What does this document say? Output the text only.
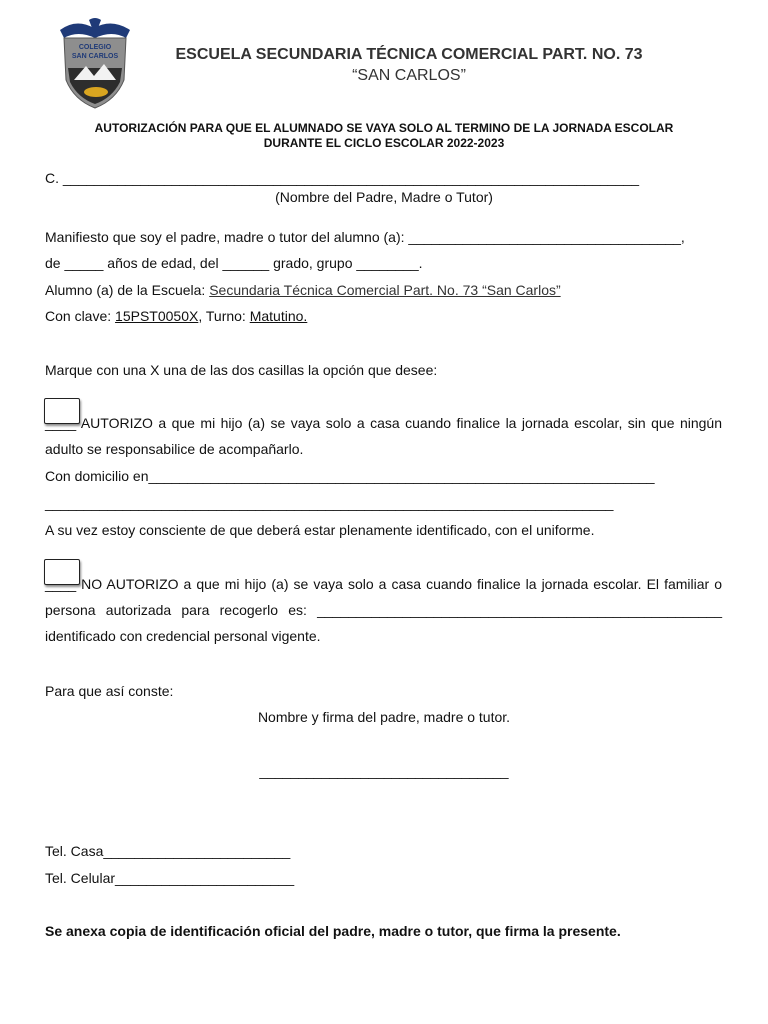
COLEGIO
SAN CARLOS	ESCUELA SECUNDARIA TÉCNICA COMERCIAL PART. NO. 73
“SAN CARLOS”
AUTORIZACIÓN PARA QUE EL ALUMNADO SE VAYA SOLO AL TERMINO DE LA JORNADA ESCOLAR
DURANTE EL CICLO ESCOLAR 2022-2023
C. __________________________________________________________________________
(Nombre del Padre, Madre o Tutor)
Manifiesto que soy el padre, madre o tutor del alumno (a): ___________________________________,
de _____ años de edad, del ______ grado, grupo ________.
Alumno (a) de la Escuela: Secundaria Técnica Comercial Part. No. 73 “San Carlos”
Con clave: 15PST0050X, Turno: Matutino.
Marque con una X una de las dos casillas la opción que desee:
____ AUTORIZO a que mi hijo (a) se vaya solo a casa cuando finalice la jornada escolar, sin que ningún adulto se responsabilice de acompañarlo.
Con domicilio en_________________________________________________________________
_________________________________________________________________________
A su vez estoy consciente de que deberá estar plenamente identificado, con el uniforme.
____ NO AUTORIZO a que mi hijo (a) se vaya solo a casa cuando finalice la jornada escolar. El familiar o persona autorizada para recogerlo es: ____________________________________________________ identificado con credencial personal vigente.
Para que así conste:
Nombre y firma del padre, madre o tutor.
________________________________
Tel. Casa________________________
Tel. Celular_______________________
Se anexa copia de identificación oficial del padre, madre o tutor, que firma la presente.
